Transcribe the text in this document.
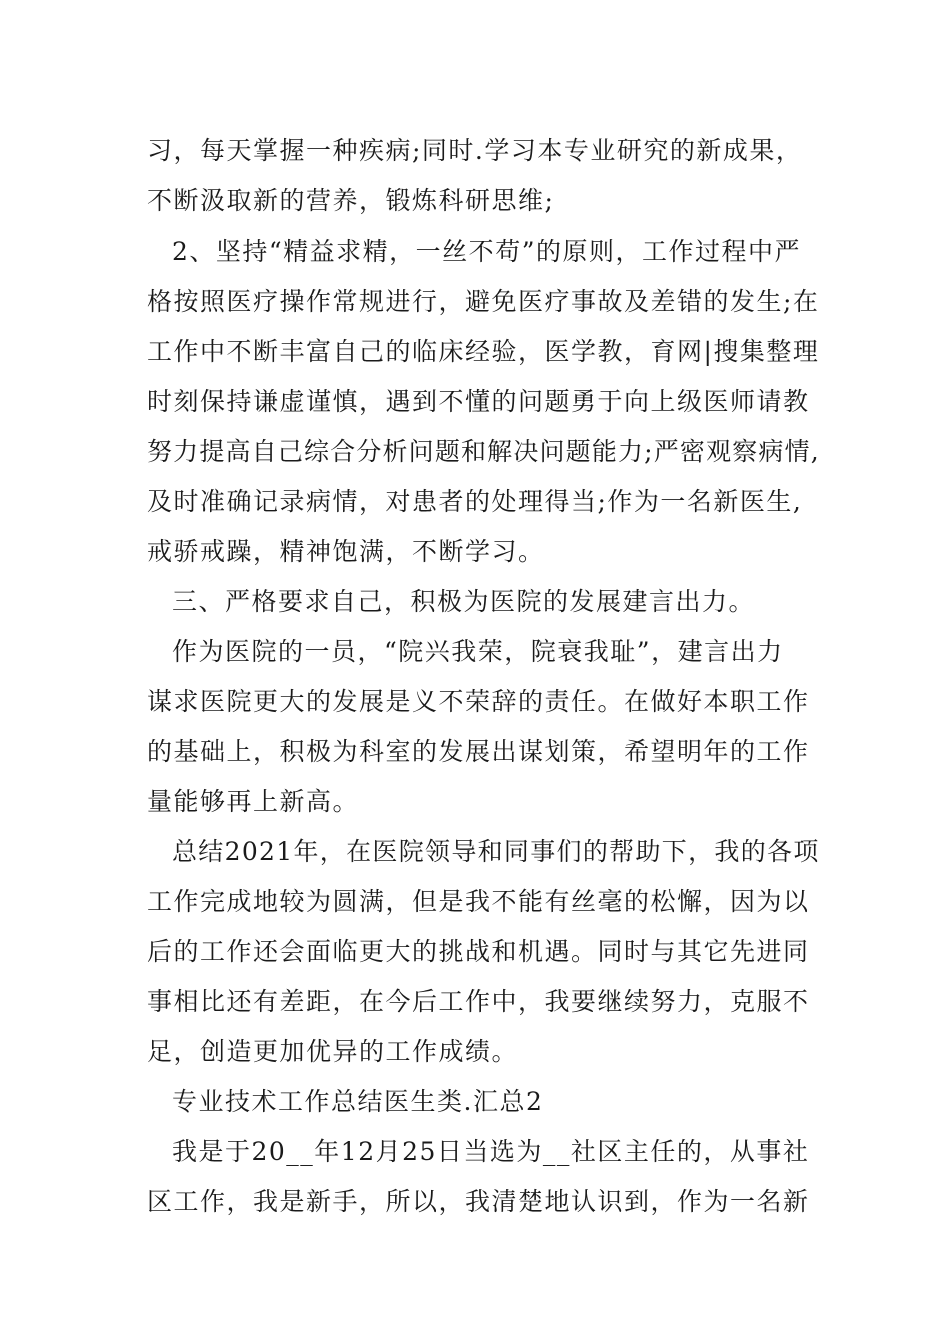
习，每天掌握一种疾病;同时.学习本专业研究的新成果，
不断汲取新的营养，锻炼科研思维;
2、坚持“精益求精，一丝不苟”的原则，工作过程中严
格按照医疗操作常规进行，避免医疗事故及差错的发生;在
工作中不断丰富自己的临床经验，医学教，育网|搜集整理
时刻保持谦虚谨慎，遇到不懂的问题勇于向上级医师请教
努力提高自己综合分析问题和解决问题能力;严密观察病情,
及时准确记录病情，对患者的处理得当;作为一名新医生,
戒骄戒躁，精神饱满，不断学习。
三、严格要求自己，积极为医院的发展建言出力。
作为医院的一员，“院兴我荣，院衰我耻”，建言出力
谋求医院更大的发展是义不荣辞的责任。在做好本职工作
的基础上，积极为科室的发展出谋划策，希望明年的工作
量能够再上新高。
总结2021年，在医院领导和同事们的帮助下，我的各项
工作完成地较为圆满，但是我不能有丝毫的松懈，因为以
后的工作还会面临更大的挑战和机遇。同时与其它先进同
事相比还有差距，在今后工作中，我要继续努力，克服不
足，创造更加优异的工作成绩。
专业技术工作总结医生类.汇总2
我是于20__年12月25日当选为__社区主任的，从事社
区工作，我是新手，所以，我清楚地认识到，作为一名新
